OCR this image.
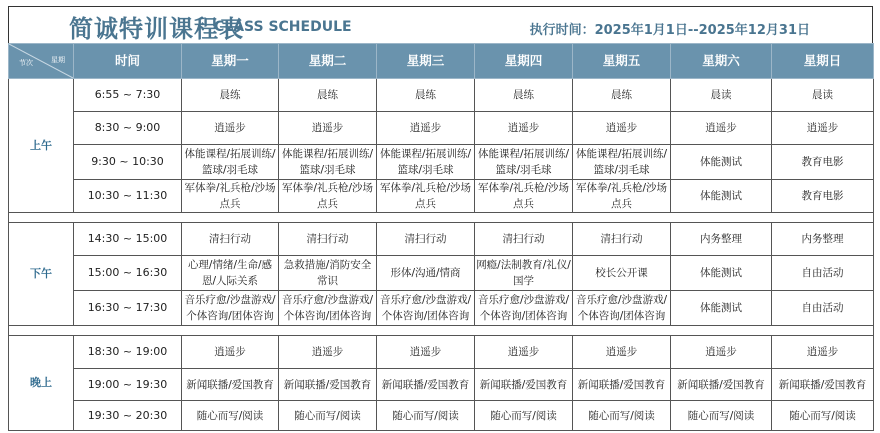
简诚特训课程表
CLASS SCHEDULE	执行时间：2025年1月1日--2025年12月31日
星期
节次	时间	星期一	星期二	星期三	星期四	星期五	星期六	星期日
上午	6:55 ~ 7:30	晨练	晨练	晨练	晨练	晨练	晨读	晨读
	8:30 ~ 9:00	逍遥步	逍遥步	逍遥步	逍遥步	逍遥步	逍遥步	逍遥步
	9:30 ~ 10:30	体能课程/拓展训练/篮球/羽毛球	体能课程/拓展训练/篮球/羽毛球	体能课程/拓展训练/篮球/羽毛球	体能课程/拓展训练/篮球/羽毛球	体能课程/拓展训练/篮球/羽毛球	体能测试	教育电影
	10:30 ~ 11:30	军体拳/礼兵枪/沙场点兵	军体拳/礼兵枪/沙场点兵	军体拳/礼兵枪/沙场点兵	军体拳/礼兵枪/沙场点兵	军体拳/礼兵枪/沙场点兵	体能测试	教育电影

下午	14:30 ~ 15:00	清扫行动	清扫行动	清扫行动	清扫行动	清扫行动	内务整理	内务整理
	15:00 ~ 16:30	心理/情绪/生命/感恩/人际关系	急救措施/消防安全常识	形体/沟通/情商	网瘾/法制教育/礼仪/国学	校长公开课	体能测试	自由活动
	16:30 ~ 17:30	音乐疗愈/沙盘游戏/个体咨询/团体咨询	音乐疗愈/沙盘游戏/个体咨询/团体咨询	音乐疗愈/沙盘游戏/个体咨询/团体咨询	音乐疗愈/沙盘游戏/个体咨询/团体咨询	音乐疗愈/沙盘游戏/个体咨询/团体咨询	体能测试	自由活动

晚上	18:30 ~ 19:00	逍遥步	逍遥步	逍遥步	逍遥步	逍遥步	逍遥步	逍遥步
	19:00 ~ 19:30	新闻联播/爱国教育	新闻联播/爱国教育	新闻联播/爱国教育	新闻联播/爱国教育	新闻联播/爱国教育	新闻联播/爱国教育	新闻联播/爱国教育
	19:30 ~ 20:30	随心而写/阅读	随心而写/阅读	随心而写/阅读	随心而写/阅读	随心而写/阅读	随心而写/阅读	随心而写/阅读
